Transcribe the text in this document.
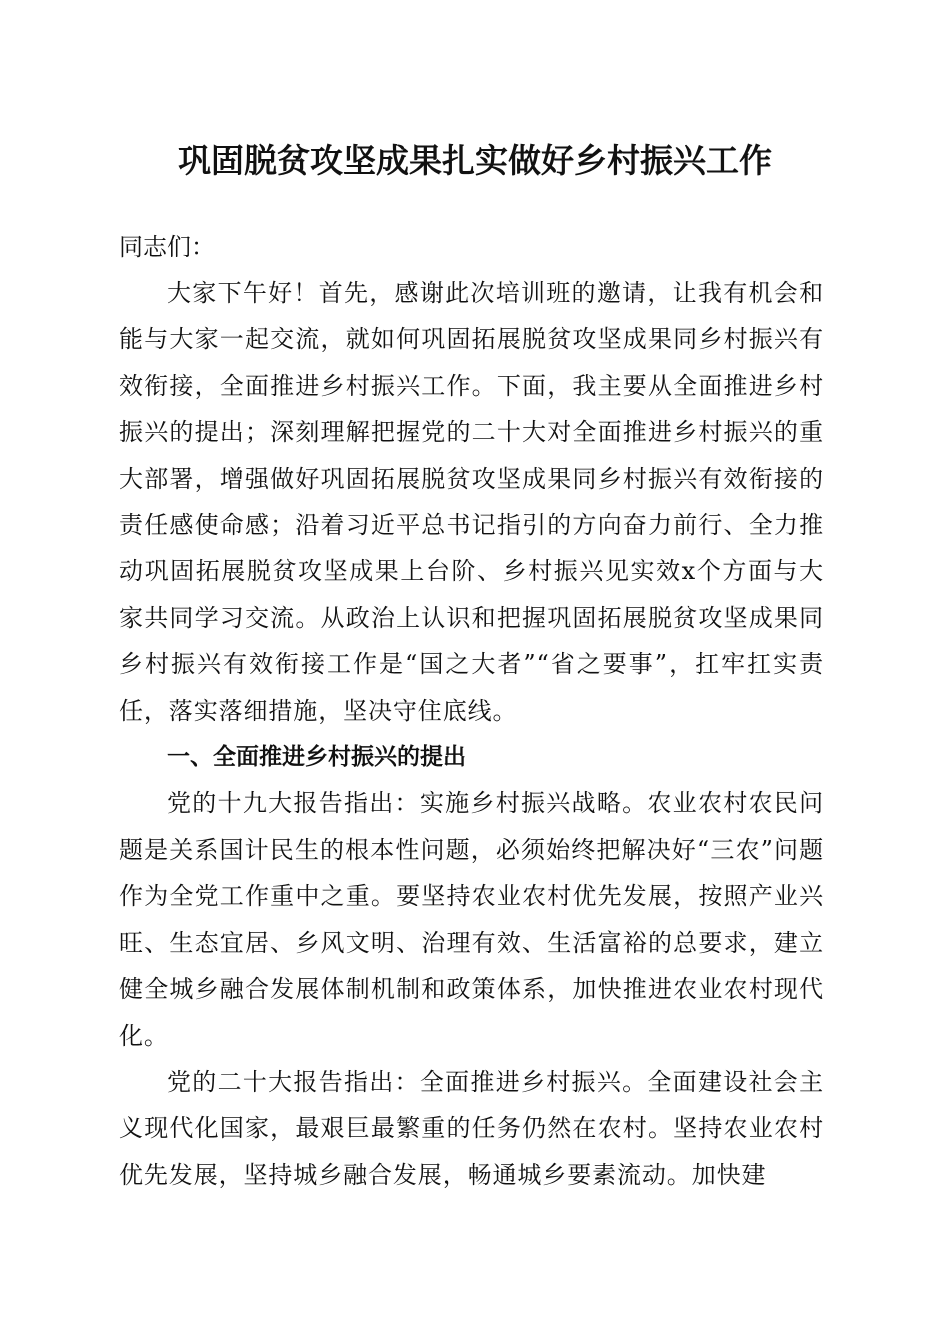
巩固脱贫攻坚成果扎实做好乡村振兴工作

同志们：

大家下午好！首先，感谢此次培训班的邀请，让我有机会和能与大家一起交流，就如何巩固拓展脱贫攻坚成果同乡村振兴有效衔接，全面推进乡村振兴工作。下面，我主要从全面推进乡村振兴的提出；深刻理解把握党的二十大对全面推进乡村振兴的重大部署，增强做好巩固拓展脱贫攻坚成果同乡村振兴有效衔接的责任感使命感；沿着习近平总书记指引的方向奋力前行、全力推动巩固拓展脱贫攻坚成果上台阶、乡村振兴见实效x个方面与大家共同学习交流。从政治上认识和把握巩固拓展脱贫攻坚成果同乡村振兴有效衔接工作是“国之大者”“省之要事”，扛牢扛实责任，落实落细措施，坚决守住底线。

一、全面推进乡村振兴的提出

党的十九大报告指出：实施乡村振兴战略。农业农村农民问题是关系国计民生的根本性问题，必须始终把解决好“三农”问题作为全党工作重中之重。要坚持农业农村优先发展，按照产业兴旺、生态宜居、乡风文明、治理有效、生活富裕的总要求，建立健全城乡融合发展体制机制和政策体系，加快推进农业农村现代化。

党的二十大报告指出：全面推进乡村振兴。全面建设社会主义现代化国家，最艰巨最繁重的任务仍然在农村。坚持农业农村优先发展，坚持城乡融合发展，畅通城乡要素流动。加快建
